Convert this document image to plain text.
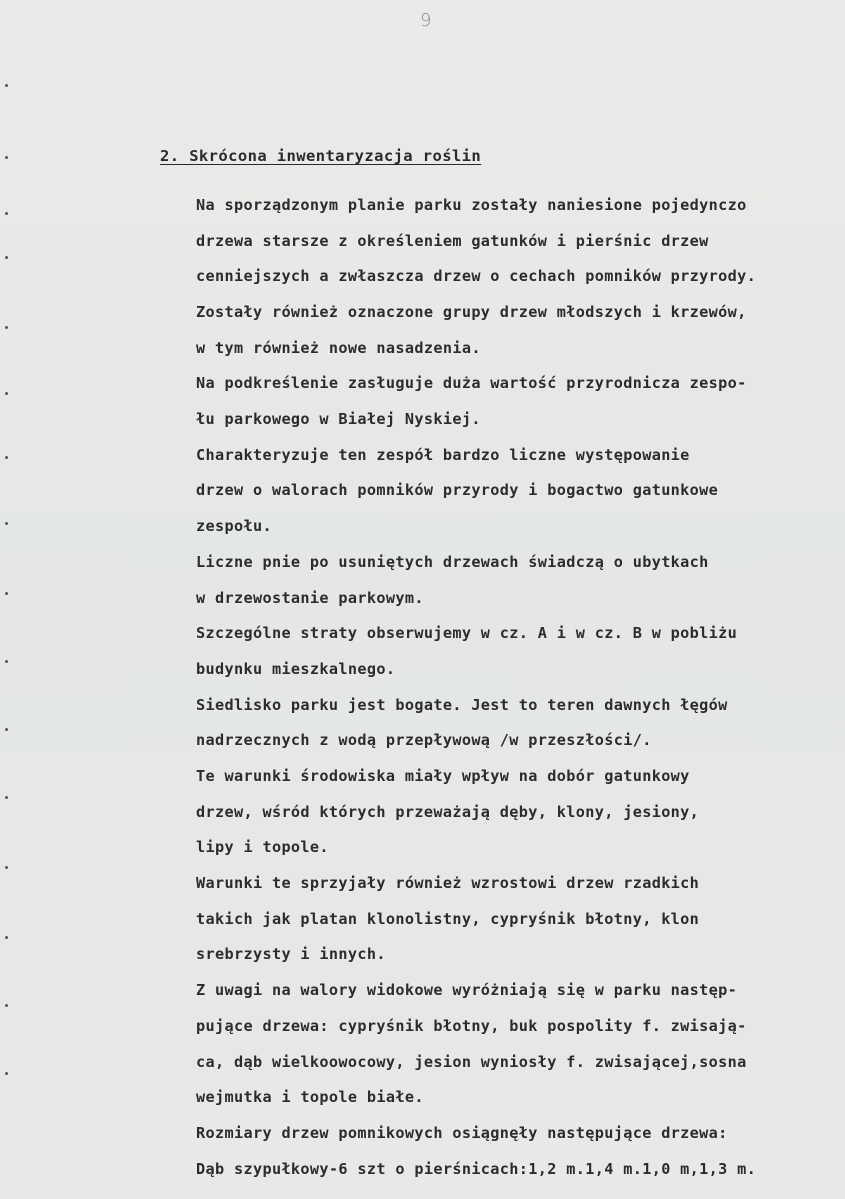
9
2. Skrócona inwentaryzacja roślin
Na sporządzonym planie parku zostały naniesione pojedynczo
drzewa starsze z określeniem gatunków i pierśnic drzew
cenniejszych a zwłaszcza drzew o cechach pomników przyrody.
Zostały również oznaczone grupy drzew młodszych i krzewów,
w tym również nowe nasadzenia.
Na podkreślenie zasługuje duża wartość przyrodnicza zespo-
łu parkowego w Białej Nyskiej.
Charakteryzuje ten zespół bardzo liczne występowanie
drzew o walorach pomników przyrody i bogactwo gatunkowe
zespołu.
Liczne pnie po usuniętych drzewach świadczą o ubytkach
w drzewostanie parkowym.
Szczególne straty obserwujemy w cz. A i w cz. B w pobliżu
budynku mieszkalnego.
Siedlisko parku jest bogate. Jest to teren dawnych łęgów
nadrzecznych z wodą przepływową /w przeszłości/.
Te warunki środowiska miały wpływ na dobór gatunkowy
drzew, wśród których przeważają dęby, klony, jesiony,
lipy i topole.
Warunki te sprzyjały również wzrostowi drzew rzadkich
takich jak platan klonolistny, cypryśnik błotny, klon
srebrzysty i innych.
Z uwagi na walory widokowe wyróżniają się w parku następ-
pujące drzewa: cypryśnik błotny, buk pospolity f. zwisają-
ca, dąb wielkoowocowy, jesion wyniosły f. zwisającej,sosna
wejmutka i topole białe.
Rozmiary drzew pomnikowych osiągnęły następujące drzewa:
Dąb szypułkowy-6 szt o pierśnicach:1,2 m.1,4 m.1,0 m,1,3 m.
